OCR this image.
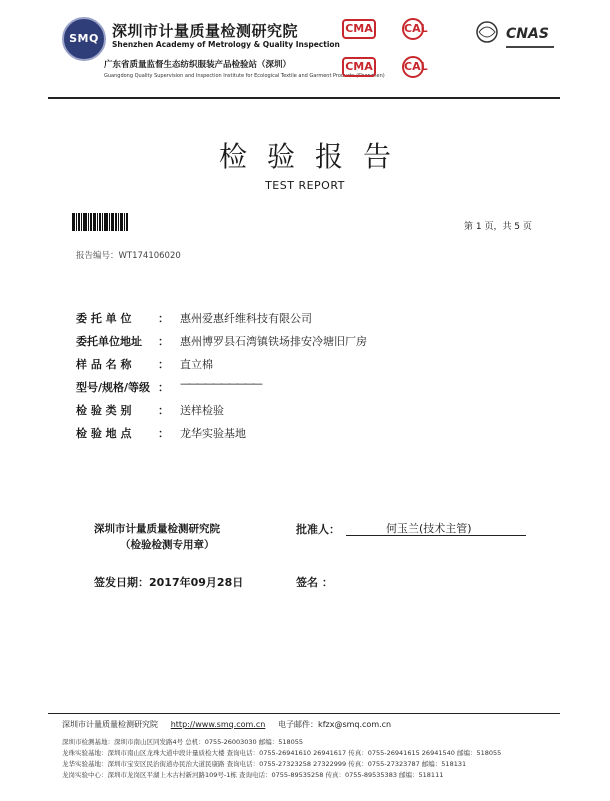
SMQ 深圳市计量质量检测研究院
Shenzhen Academy of Metrology & Quality Inspection
广东省质量监督生态纺织服装产品检验站（深圳）
Guangdong Quality Supervision and Inspection Institute for Ecological Textile and Garment Products (Shenzhen)
CMA	CAL
CMA	CAL
CNAS
检验报告
TEST REPORT
第 1 页，共 5 页
报告编号：WT174106020
委 托 单 位 ： 惠州爱惠纤维科技有限公司
委托单位地址 ： 惠州博罗县石湾镇铁场排安冷塘旧厂房
样 品 名 称 ： 直立棉
型号/规格/等级 ： ——————————
检 验 类 别 ： 送样检验
检 验 地 点 ： 龙华实验基地
深圳市计量质量检测研究院
（检验检测专用章）
批准人：	何玉兰(技术主管)
签发日期：2017年09月28日	签名 ：
深圳市计量质量检测研究院 http://www.smq.com.cn 电子邮件：kfzx@smq.com.cn
深圳市检测基地：深圳市南山区同发路4号 总机：0755-26003030 邮编：518055
龙珠实验基地：深圳市南山区龙珠大道中段计量质检大楼 查询电话：0755-26941610 26941617 传真：0755-26941615 26941540 邮编：518055
龙华实验基地：深圳市宝安区民治街道办民治大道民康路 查询电话：0755-27323258 27322999 传真：0755-27323787 邮编：518131
龙岗实验中心：深圳市龙岗区平湖上木古村新河路109号-1栋 查询电话：0755-89535258 传真：0755-89535383 邮编：518111
